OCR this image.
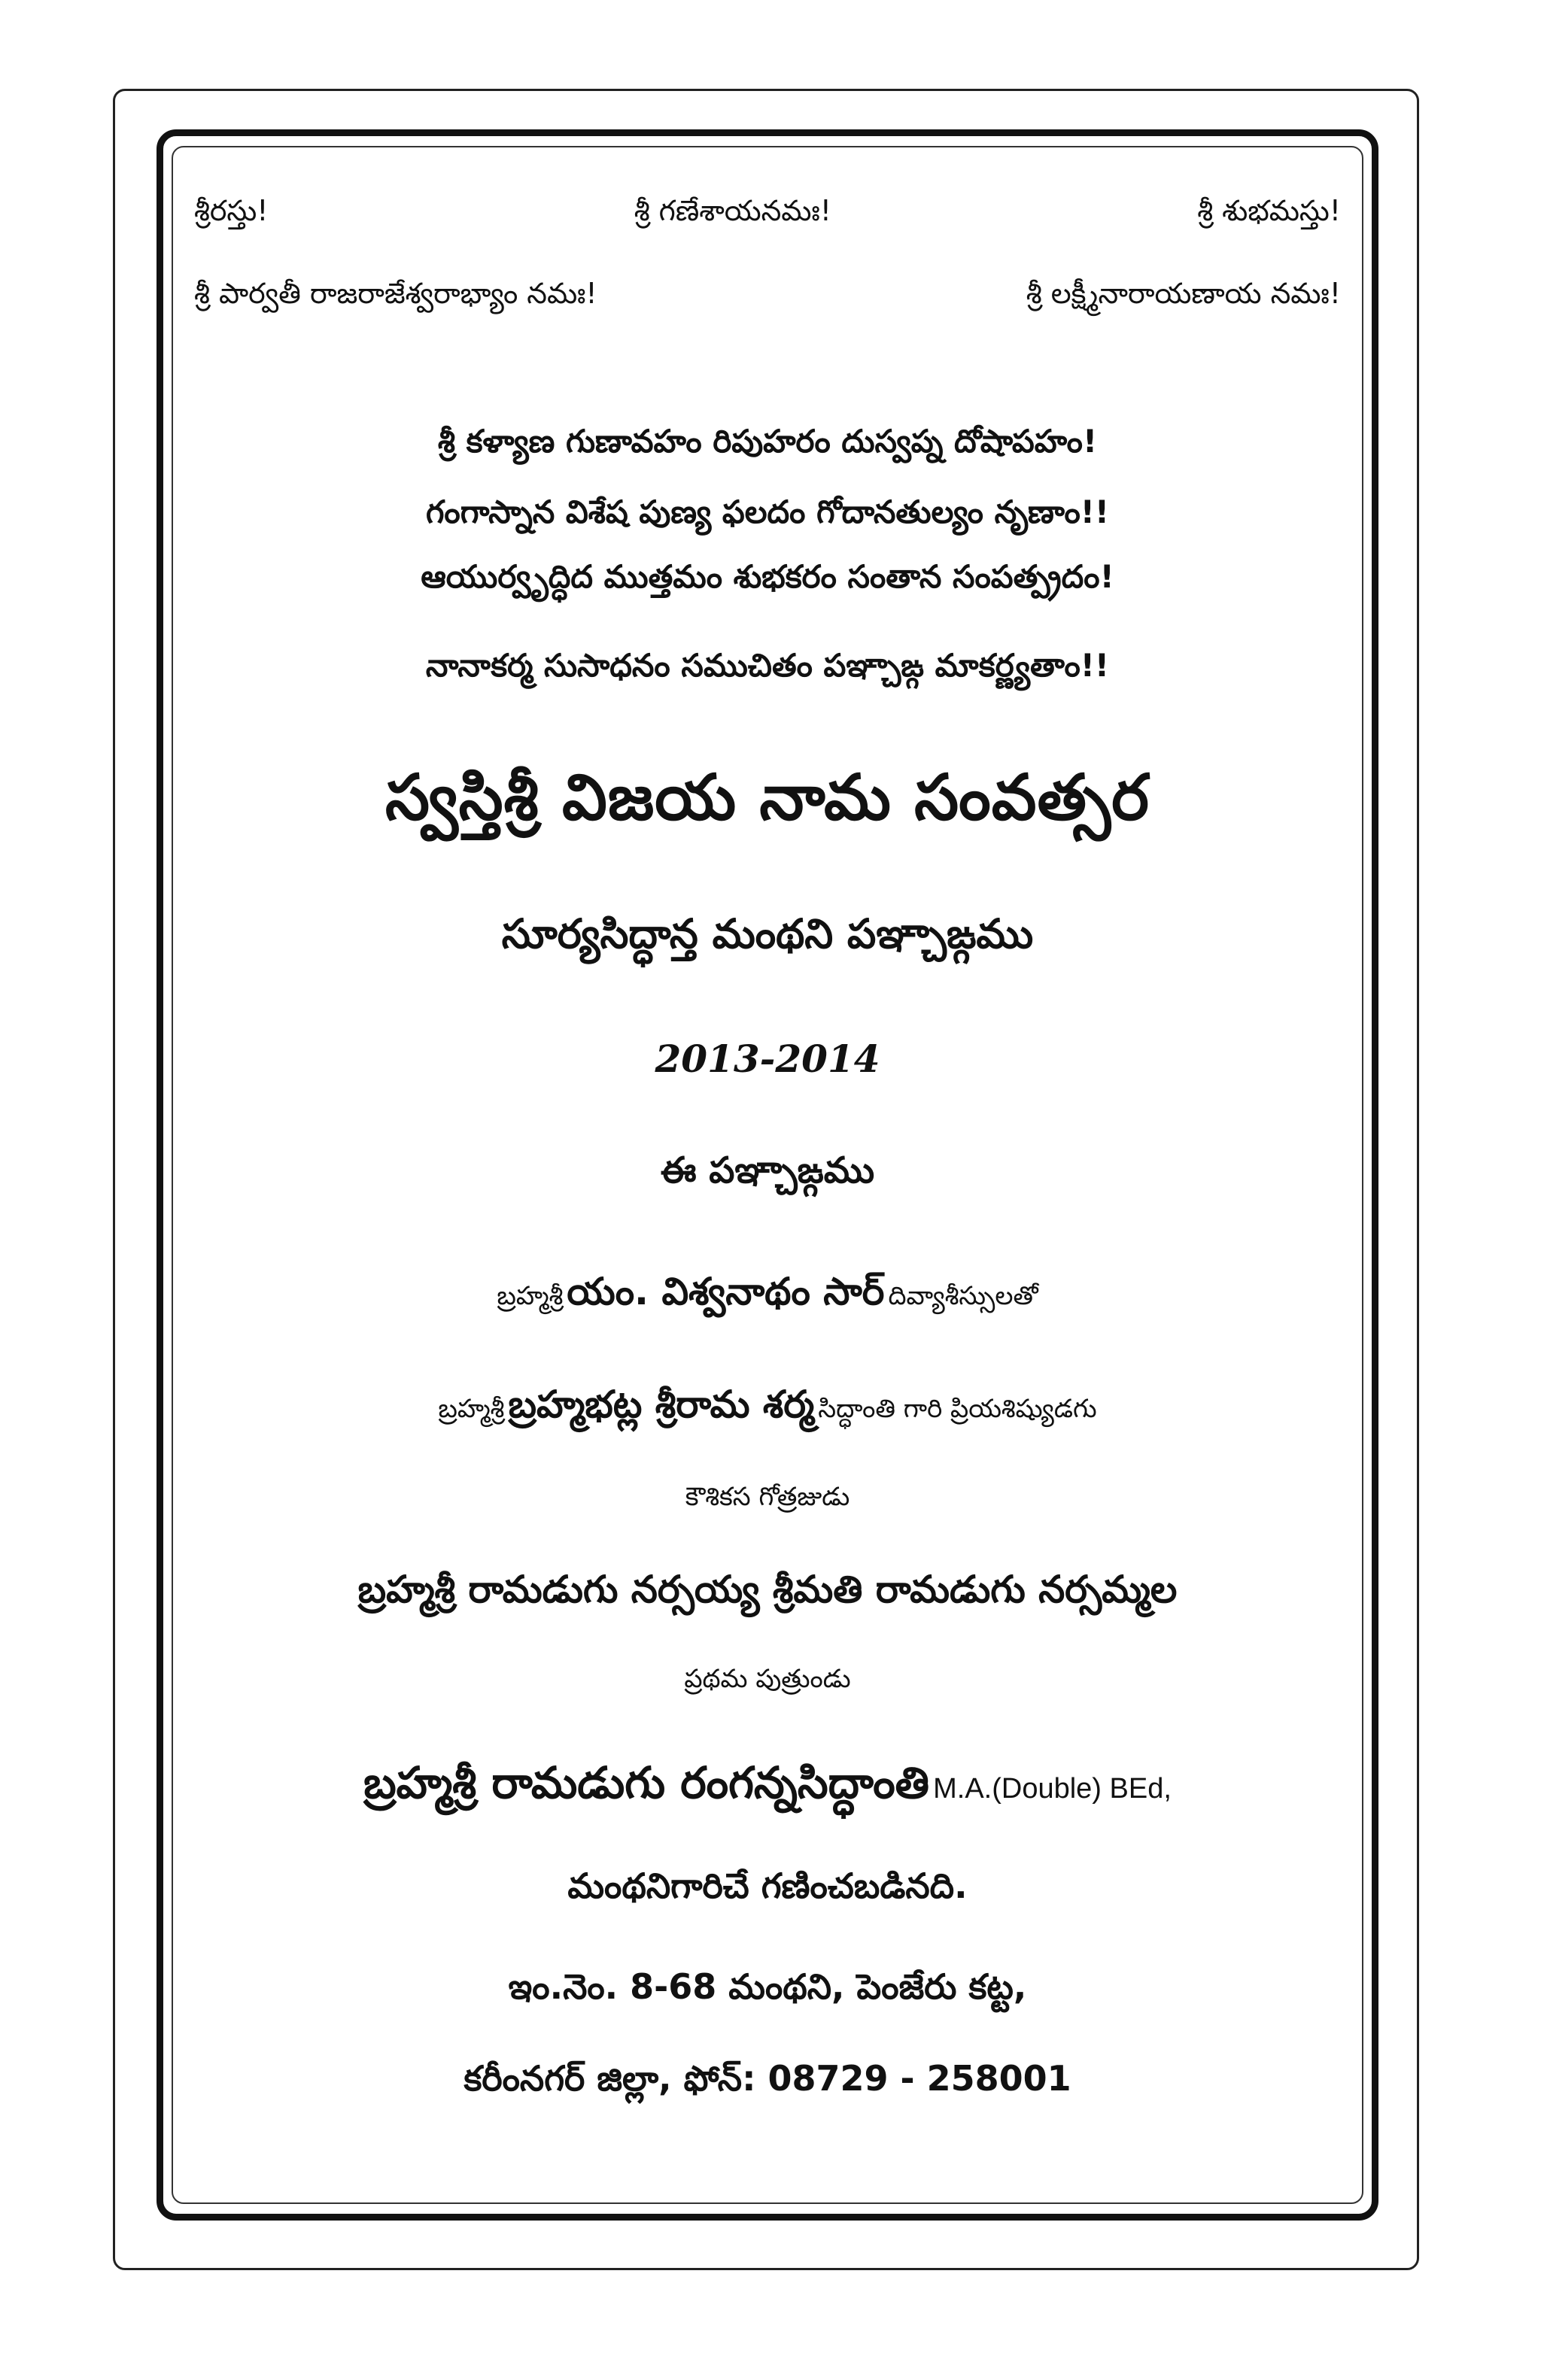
శ్రీరస్తు!	శ్రీ గణేశాయనమః!	శ్రీ శుభమస్తు!
శ్రీ పార్వతీ రాజరాజేశ్వరాభ్యాం నమః!	శ్రీ లక్ష్మీనారాయణాయ నమః!
శ్రీ కళ్యాణ గుణావహం రిపుహరం దుస్వప్న దోషాపహం!
గంగాస్నాన విశేష పుణ్య ఫలదం గోదానతుల్యం నృణాం!!
ఆయుర్వృద్ధిద ముత్తమం శుభకరం సంతాన సంపత్ప్రదం!
నానాకర్మ సుసాధనం సముచితం పఞ్చాఙ్గ మాకర్ణ్యతాం!!
స్వస్తిశ్రీ విజయ నామ సంవత్సర
సూర్యసిద్ధాన్త మంథని పఞ్చాఙ్గము
2013-2014
ఈ పఞ్చాఙ్గము
బ్రహ్మశ్రీ యం. విశ్వనాథం సార్ దివ్యాశీస్సులతో
బ్రహ్మశ్రీ బ్రహ్మభట్ల శ్రీరామ శర్మ సిద్ధాంతి గారి ప్రియశిష్యుడగు
కౌశికస గోత్రజుడు
బ్రహ్మశ్రీ రామడుగు నర్సయ్య శ్రీమతి రామడుగు నర్సమ్మల
ప్రథమ పుత్రుండు
బ్రహ్మశ్రీ రామడుగు రంగన్నసిద్ధాంతి M.A.(Double) BEd,
మంథనిగారిచే గణించబడినది.
ఇం.నెం. 8-68 మంథని, పెంజేరు కట్ట,
కరీంనగర్ జిల్లా, ఫోన్: 08729 - 258001
